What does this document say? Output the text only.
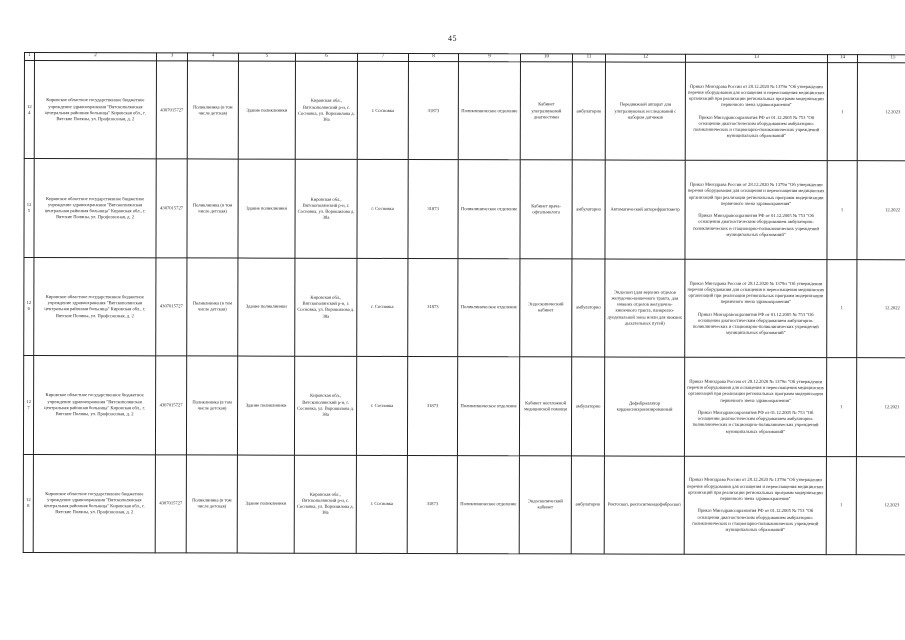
45
1	2	3	4	5	6	7	8	9	10	11	12	13	14	15
124	Кировское областное государственное бюджетное учреждение здравоохранения "Вятскополянская центральная районная больница" Кировская обл., г. Вятские Поляны, ул. Профсоюзная, д. 2	4307015727	Поликлиника (в том числе детская)	Здание поликлиники	Кировская обл., Вятскополянский р-н, г. Сосновка, ул. Ворошилова д. 38а	г. Сосновка	31873	Поликлиническое отделение	Кабинет ультразвуковой диагностики	амбулаторно	Передвижной аппарат для ультразвуковых исследований с набором датчиков	Приказ Минздрава России от 28.12.2020 № 1379н "Об утверждении перечня оборудования для оснащения и переоснащения медицинских организаций при реализации региональных программ модернизации первичного звена здравоохранения"

Приказ Минздравсоцразвития РФ от 01.12.2005 № 753 "Об оснащении диагностическим оборудованием амбулаторно-поликлинических и стационарно-поликлинических учреждений муниципальных образований"	1	12.2023
125	Кировское областное государственное бюджетное учреждение здравоохранения "Вятскополянская центральная районная больница" Кировская обл., г. Вятские Поляны, ул. Профсоюзная, д. 2	4307015727	Поликлиника (в том числе детская)	Здание поликлиники	Кировская обл., Вятскополянский р-н, г. Сосновка, ул. Ворошилова д. 38а	г. Сосновка	31873	Поликлиническое отделение	Кабинет врача-офтальмолога	амбулаторно	Автоматический авторефрактометр	Приказ Минздрава России от 28.12.2020 № 1379н "Об утверждении перечня оборудования для оснащения и переоснащения медицинских организаций при реализации региональных программ модернизации первичного звена здравоохранения"

Приказ Минздравсоцразвития РФ от 01.12.2005 № 753 "Об оснащении диагностическим оборудованием амбулаторно-поликлинических и стационарно-поликлинических учреждений муниципальных образований"	1	12.2022
126	Кировское областное государственное бюджетное учреждение здравоохранения "Вятскополянская центральная районная больница" Кировская обл., г. Вятские Поляны, ул. Профсоюзная, д. 2	4307015727	Поликлиника (в том числе детская)	Здание поликлиники	Кировская обл., Вятскополянский р-н, г. Сосновка, ул. Ворошилова д. 38а	г. Сосновка	31873	Поликлиническое отделение	Эндоскопический кабинет	амбулаторно	Эндоскоп (для верхних отделов желудочно-кишечного тракта, для нижних отделов желудочно-кишечного тракта, панкреато-дуоденальной зоны и/или для нижних дыхательных путей)	Приказ Минздрава России от 28.12.2020 № 1379н "Об утверждении перечня оборудования для оснащения и переоснащения медицинских организаций при реализации региональных программ модернизации первичного звена здравоохранения"

Приказ Минздравсоцразвития РФ от 01.12.2005 № 753 "Об оснащении диагностическим оборудованием амбулаторно-поликлинических и стационарно-поликлинических учреждений муниципальных образований"	1	12.2022
127	Кировское областное государственное бюджетное учреждение здравоохранения "Вятскополянская центральная районная больница" Кировская обл., г. Вятские Поляны, ул. Профсоюзная, д. 2	4307015727	Поликлиника (в том числе детская)	Здание поликлиники	Кировская обл., Вятскополянский р-н, г. Сосновка, ул. Ворошилова д. 38а	г. Сосновка	31873	Поликлиническое отделение	Кабинет неотложной медицинской помощи	амбулаторно	Дефибриллятор кардиосинхронизированный	Приказ Минздрава России от 28.12.2020 № 1379н "Об утверждении перечня оборудования для оснащения и переоснащения медицинских организаций при реализации региональных программ модернизации первичного звена здравоохранения"

Приказ Минздравсоцразвития РФ от 01.12.2005 № 753 "Об оснащении диагностическим оборудованием амбулаторно-поликлинических и стационарно-поликлинических учреждений муниципальных образований"	1	12.2021
128	Кировское областное государственное бюджетное учреждение здравоохранения "Вятскополянская центральная районная больница" Кировская обл., г. Вятские Поляны, ул. Профсоюзная, д. 2	4307015727	Поликлиника (в том числе детская)	Здание поликлиники	Кировская обл., Вятскополянский р-н, г. Сосновка, ул. Ворошилова д. 38а	г. Сосновка	31873	Поликлиническое отделение	Эндоскопический кабинет	амбулаторно	Ректоскоп, ректосигмоидофиброскоп	Приказ Минздрава России от 28.12.2020 № 1379н "Об утверждении перечня оборудования для оснащения и переоснащения медицинских организаций при реализации региональных программ модернизации первичного звена здравоохранения"

Приказ Минздравсоцразвития РФ от 01.12.2005 № 753 "Об оснащении диагностическим оборудованием амбулаторно-поликлинических и стационарно-поликлинических учреждений муниципальных образований"	1	12.2023
